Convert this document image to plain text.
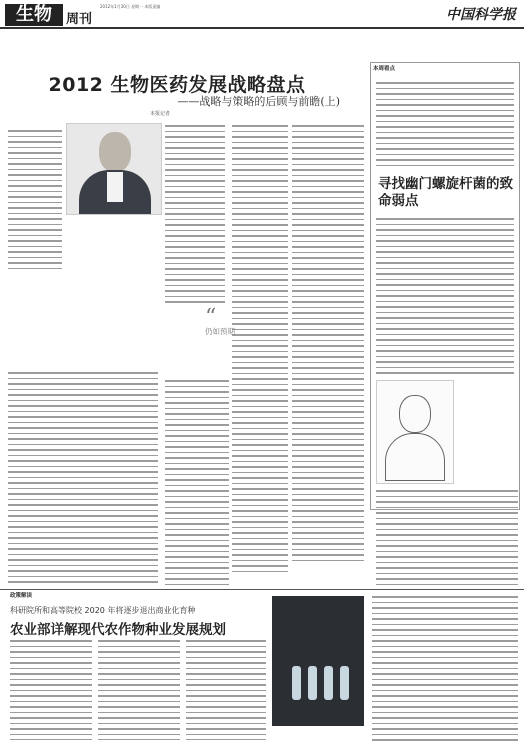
生物	周刊
2012年1月30日 星期一 本版责编
中国科学报
2012 生物医药发展战略盘点
——战略与策略的后顾与前瞻(上)
本报记者
“
仍如预期
本周看点
寻找幽门螺旋杆菌的致命弱点
政策解读
科研院所和高等院校 2020 年将逐步退出商业化育种
农业部详解现代农作物种业发展规划
